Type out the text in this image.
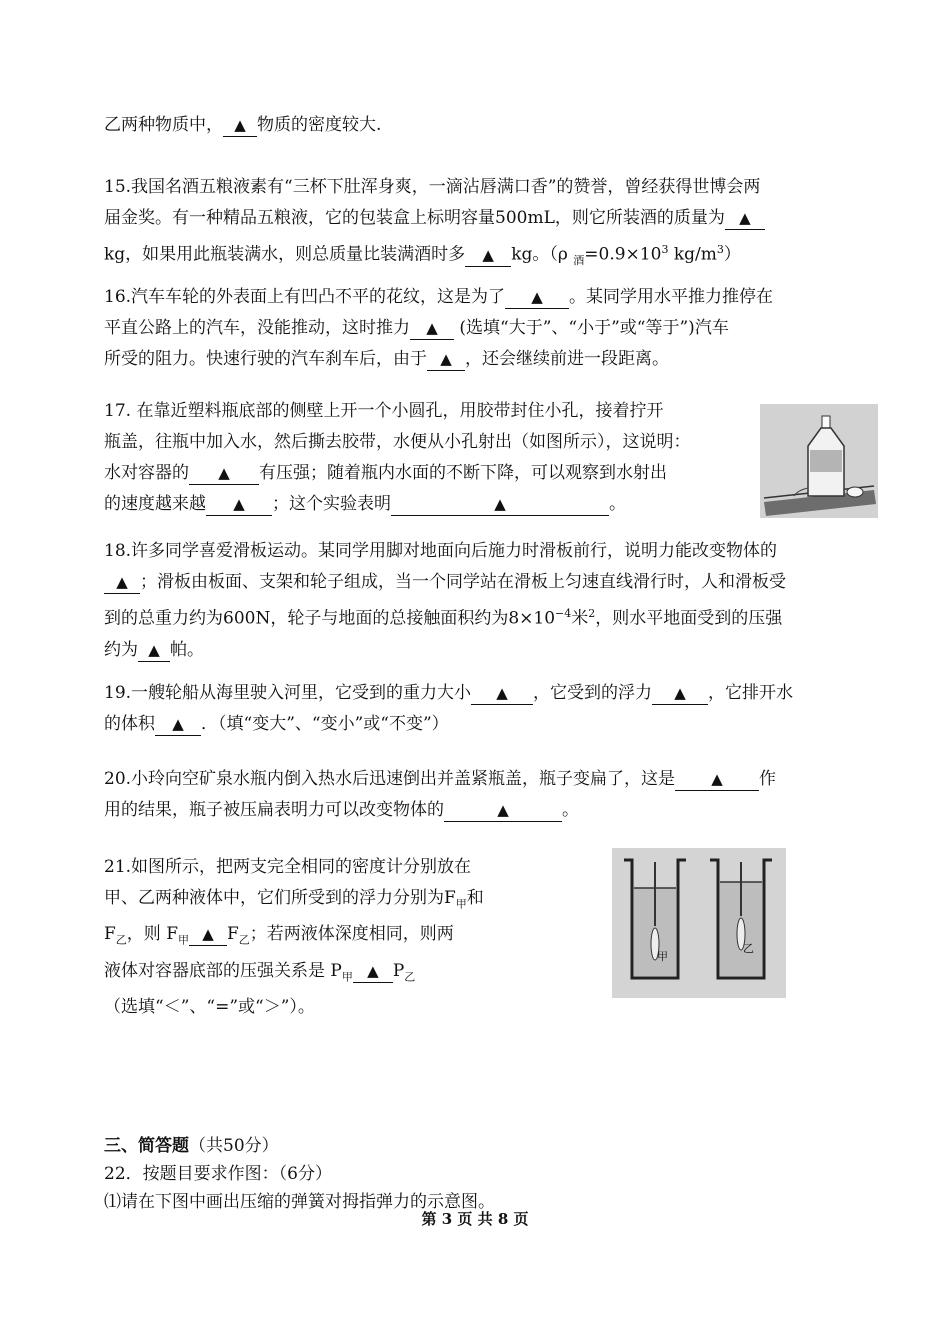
乙两种物质中， ▲ 物质的密度较大.
15.我国名酒五粮液素有“三杯下肚浑身爽，一滴沾唇满口香”的赞誉，曾经获得世博会两
届金奖。有一种精品五粮液，它的包装盒上标明容量500mL，则它所装酒的质量为 ▲
kg，如果用此瓶装满水，则总质量比装满酒时多 ▲ kg。（ρ $_酒=0.9\times 10^3$ $kg/m^3$）
16.汽车车轮的外表面上有凹凸不平的花纹，这是为了 ▲ 。某同学用水平推力推停在
平直公路上的汽车，没能推动，这时推力 ▲ (选填“大于”、“小于”或“等于”)汽车
所受的阻力。快速行驶的汽车刹车后，由于 ▲ ，还会继续前进一段距离。
17. 在靠近塑料瓶底部的侧壁上开一个小圆孔，用胶带封住小孔，接着拧开
瓶盖，往瓶中加入水，然后撕去胶带，水便从小孔射出（如图所示），这说明：
水对容器的 ▲ 有压强；随着瓶内水面的不断下降，可以观察到水射出
的速度越来越 ▲ ；这个实验表明	▲	。
18.许多同学喜爱滑板运动。某同学用脚对地面向后施力时滑板前行，说明力能改变物体的
▲ ；滑板由板面、支架和轮子组成，当一个同学站在滑板上匀速直线滑行时，人和滑板受
到的总重力约为600N，轮子与地面的总接触面积约为$8\times 10^{-4}$米$^2$，则水平地面受到的压强
约为 ▲ 帕。
19.一艘轮船从海里驶入河里，它受到的重力大小 ▲ ，它受到的浮力 ▲ ，它排开水
的体积 ▲ ．（填“变大”、“变小”或“不变”）
20.小玲向空矿泉水瓶内倒入热水后迅速倒出并盖紧瓶盖，瓶子变扁了，这是 ▲ 作
用的结果，瓶子被压扁表明力可以改变物体的	▲	。
21.如图所示，把两支完全相同的密度计分别放在
甲、乙两种液体中，它们所受到的浮力分别为$F_甲$和
$F_乙$，则 $F_甲$ ▲ $F_乙$；若两液体深度相同，则两
液体对容器底部的压强关系是 $P_甲$ ▲ $P_乙$
（选填“＜”、“=”或“＞”）。
甲
乙
三、简答题（共50分）
22．按题目要求作图：（6分）
⑴请在下图中画出压缩的弹簧对拇指弹力的示意图。
第 3 页 共 8 页
